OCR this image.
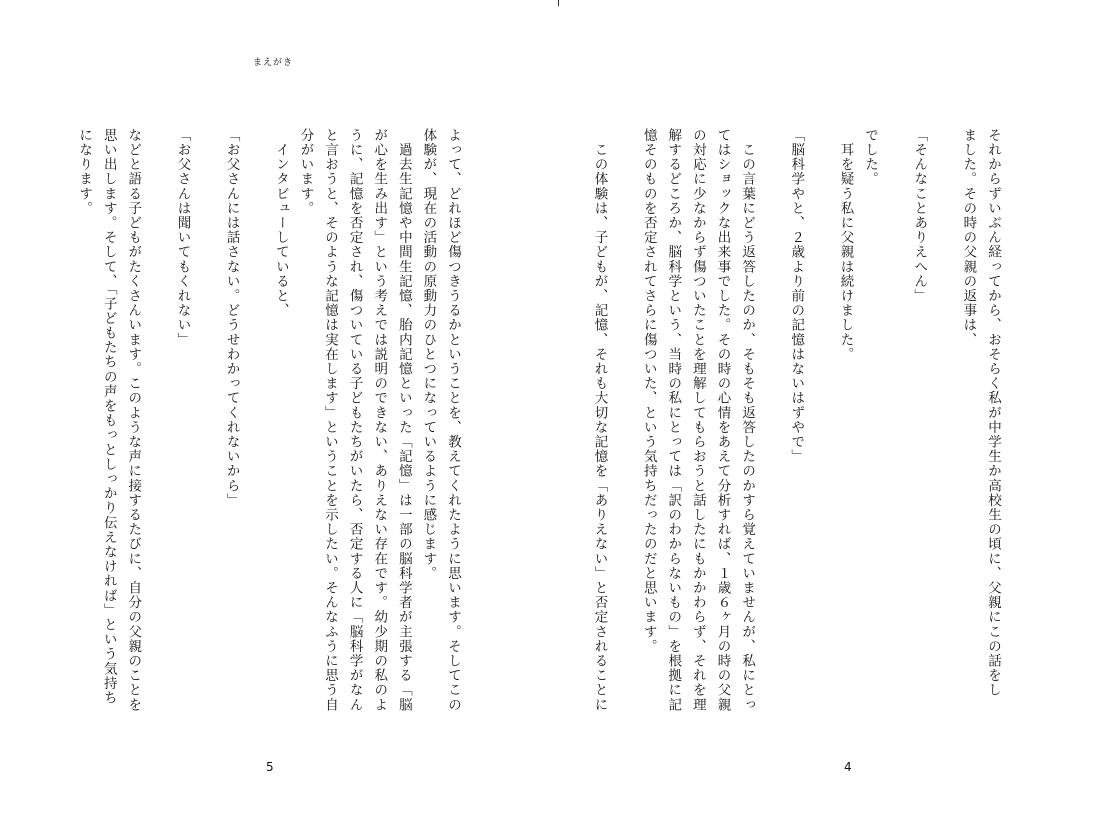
まえがき
よって、どれほど傷つきうるかということを、教えてくれたように思います。そしてこの
体験が、現在の活動の原動力のひとつになっているように感じます。
　過去生記憶や中間生記憶、胎内記憶といった「記憶」は一部の脳科学者が主張する「脳
が心を生み出す」という考えでは説明のできない、ありえない存在です。幼少期の私のよ
うに、記憶を否定され、傷ついている子どもたちがいたら、否定する人に「脳科学がなん
と言おうと、そのような記憶は実在します」ということを示したい。そんなふうに思う自
分がいます。
　インタビューしていると、

「お父さんには話さない。どうせわかってくれないから」

「お父さんは聞いてもくれない」

などと語る子どもがたくさんいます。このような声に接するたびに、自分の父親のことを
思い出します。そして、「子どもたちの声をもっとしっかり伝えなければ」という気持ち
になります。
5
それからずいぶん経ってから、おそらく私が中学生か高校生の頃に、父親にこの話をし
ました。その時の父親の返事は、

「そんなことありえへん」

でした。
　耳を疑う私に父親は続けました。

「脳科学やと、２歳より前の記憶はないはずやで」

　この言葉にどう返答したのか、そもそも返答したのかすら覚えていませんが、私にとっ
てはショックな出来事でした。その時の心情をあえて分析すれば、１歳６ヶ月の時の父親
の対応に少なからず傷ついたことを理解してもらおうと話したにもかかわらず、それを理
解するどころか、脳科学という、当時の私にとっては「訳のわからないもの」を根拠に記
憶そのものを否定されてさらに傷ついた、という気持ちだったのだと思います。

　この体験は、子どもが、記憶、それも大切な記憶を「ありえない」と否定されることに
4
